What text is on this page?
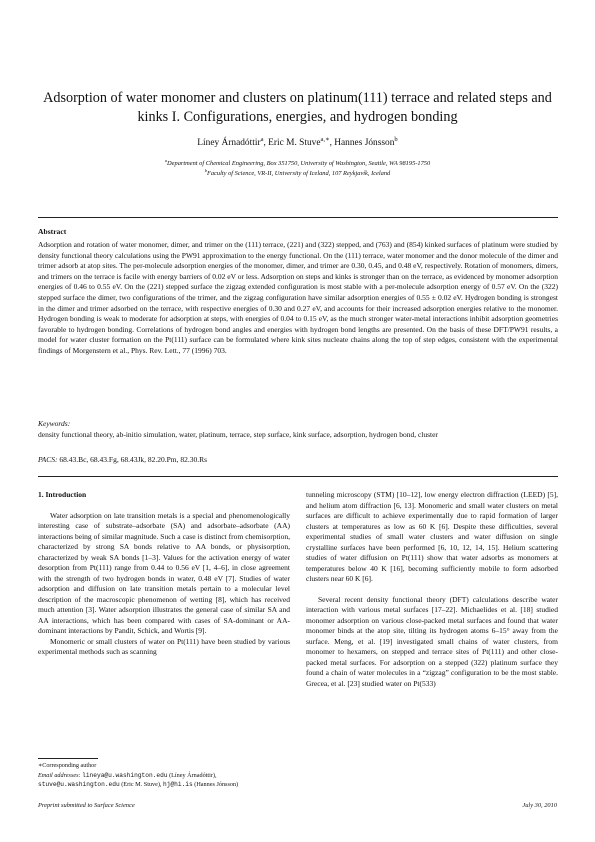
Adsorption of water monomer and clusters on platinum(111) terrace and related steps and kinks I. Configurations, energies, and hydrogen bonding
Líney Árnadóttir$^a$, Eric M. Stuve$^{a,∗}$, Hannes Jónsson$^b$
$^a$Department of Chemical Engineering, Box 351750, University of Washington, Seattle, WA 98195-1750
$^b$Faculty of Science, VR-II, University of Iceland, 107 Reykjavík, Iceland
Abstract
Adsorption and rotation of water monomer, dimer, and trimer on the (111) terrace, (221) and (322) stepped, and (763) and (854) kinked surfaces of platinum were studied by density functional theory calculations using the PW91 approximation to the energy functional. On the (111) terrace, water monomer and the donor molecule of the dimer and trimer adsorb at atop sites. The per-molecule adsorption energies of the monomer, dimer, and trimer are 0.30, 0.45, and 0.48 eV, respectively. Rotation of monomers, dimers, and trimers on the terrace is facile with energy barriers of 0.02 eV or less. Adsorption on steps and kinks is stronger than on the terrace, as evidenced by monomer adsorption energies of 0.46 to 0.55 eV. On the (221) stepped surface the zigzag extended configuration is most stable with a per-molecule adsorption energy of 0.57 eV. On the (322) stepped surface the dimer, two configurations of the trimer, and the zigzag configuration have similar adsorption energies of 0.55 ± 0.02 eV. Hydrogen bonding is strongest in the dimer and trimer adsorbed on the terrace, with respective energies of 0.30 and 0.27 eV, and accounts for their increased adsorption energies relative to the monomer. Hydrogen bonding is weak to moderate for adsorption at steps, with energies of 0.04 to 0.15 eV, as the much stronger water-metal interactions inhibit adsorption geometries favorable to hydrogen bonding. Correlations of hydrogen bond angles and energies with hydrogen bond lengths are presented. On the basis of these DFT/PW91 results, a model for water cluster formation on the Pt(111) surface can be formulated where kink sites nucleate chains along the top of step edges, consistent with the experimental findings of Morgenstern et al., Phys. Rev. Lett., 77 (1996) 703.
Keywords:
density functional theory, ab-initio simulation, water, platinum, terrace, step surface, kink surface, adsorption, hydrogen bond, cluster
PACS: 68.43.Bc, 68.43.Fg, 68.43Jk, 82.20.Pm, 82.30.Rs
1. Introduction

Water adsorption on late transition metals is a special and phenomenologically interesting case of substrate–adsorbate (SA) and adsorbate–adsorbate (AA) interactions being of similar magnitude. Such a case is distinct from chemisorption, characterized by strong SA bonds relative to AA bonds, or physisorption, characterized by weak SA bonds [1–3]. Values for the activation energy of water desorption from Pt(111) range from 0.44 to 0.56 eV [1, 4–6], in close agreement with the strength of two hydrogen bonds in water, 0.48 eV [7]. Studies of water adsorption and diffusion on late transition metals pertain to a molecular level description of the macroscopic phenomenon of wetting [8], which has received much attention [3]. Water adsorption illustrates the general case of similar SA and AA interactions, which has been compared with cases of SA-dominant or AA-dominant interactions by Pandit, Schick, and Wortis [9].

Monomeric or small clusters of water on Pt(111) have been studied by various experimental methods such as scanning

tunneling microscopy (STM) [10–12], low energy electron diffraction (LEED) [5], and helium atom diffraction [6, 13]. Monomeric and small water clusters on metal surfaces are difficult to achieve experimentally due to rapid formation of larger clusters at temperatures as low as 60 K [6]. Despite these difficulties, several experimental studies of small water clusters and water diffusion on single crystalline surfaces have been performed [6, 10, 12, 14, 15]. Helium scattering studies of water diffusion on Pt(111) show that water adsorbs as monomers at temperatures below 40 K [16], becoming sufficiently mobile to form adsorbed clusters near 60 K [6].

Several recent density functional theory (DFT) calculations describe water interaction with various metal surfaces [17–22]. Michaelides et al. [18] studied monomer adsorption on various close-packed metal surfaces and found that water monomer binds at the atop site, tilting its hydrogen atoms 6–15° away from the surface. Meng, et al. [19] investigated small chains of water clusters, from monomer to hexamers, on stepped and terrace sites of Pt(111) and other close-packed metal surfaces. For adsorption on a stepped (322) platinum surface they found a chain of water molecules in a “zigzag” configuration to be the most stable. Grecea, et al. [23] studied water on Pt(533)

∗Corresponding author
Email addresses: lineya@u.washington.edu (Líney Árnadóttir), stuve@u.washington.edu (Eric M. Stuve), hj@hi.is (Hannes Jónsson)
Preprint submitted to Surface Science	July 30, 2010
